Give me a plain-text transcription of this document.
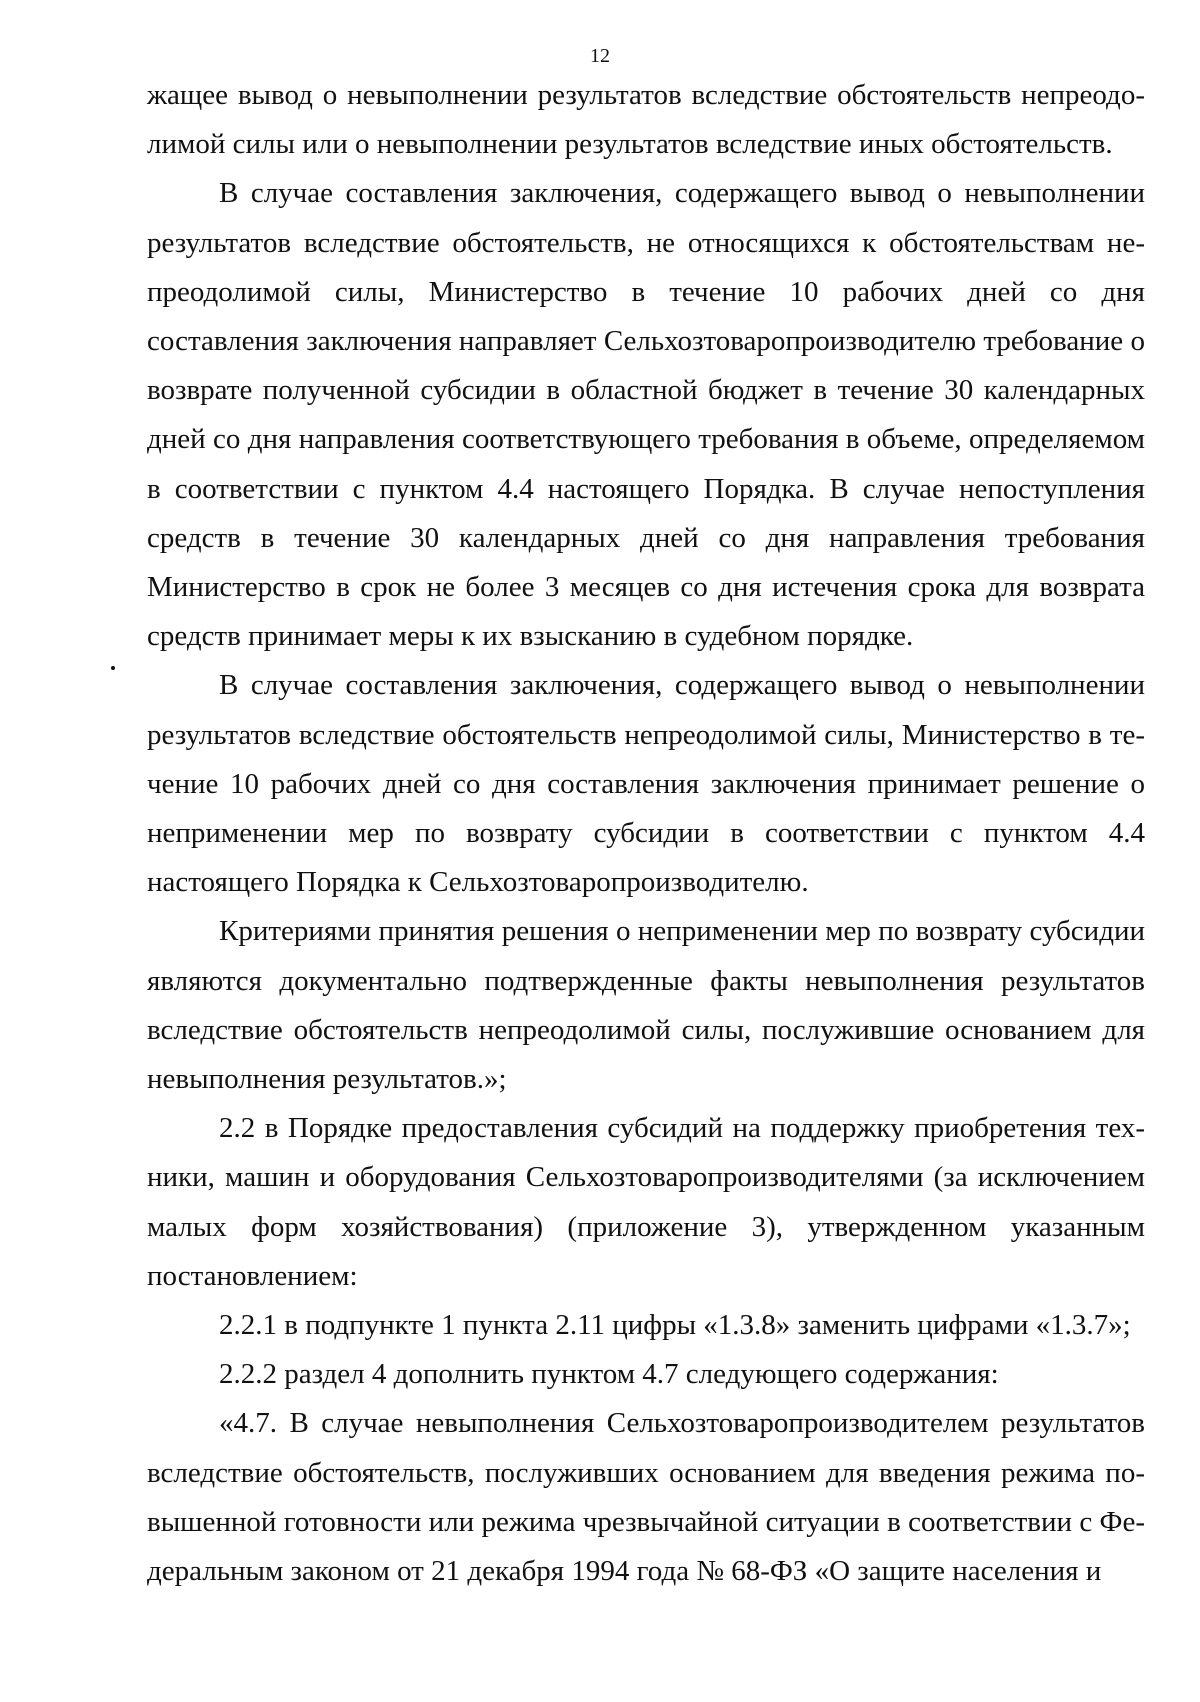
12

жащее вывод о невыполнении результатов вследствие обстоятельств непреодолимой силы или о невыполнении результатов вследствие иных обстоятельств.

В случае составления заключения, содержащего вывод о невыполнении результатов вследствие обстоятельств, не относящихся к обстоятельствам непреодолимой силы, Министерство в течение 10 рабочих дней со дня составления заключения направляет Сельхозтоваропроизводителю требование о возврате полученной субсидии в областной бюджет в течение 30 календарных дней со дня направления соответствующего требования в объеме, определяемом в соответствии с пунктом 4.4 настоящего Порядка. В случае непоступления средств в течение 30 календарных дней со дня направления требования Министерство в срок не более 3 месяцев со дня истечения срока для возврата средств принимает меры к их взысканию в судебном порядке.

В случае составления заключения, содержащего вывод о невыполнении результатов вследствие обстоятельств непреодолимой силы, Министерство в течение 10 рабочих дней со дня составления заключения принимает решение о неприменении мер по возврату субсидии в соответствии с пунктом 4.4 настоящего Порядка к Сельхозтоваропроизводителю.

Критериями принятия решения о неприменении мер по возврату субсидии являются документально подтвержденные факты невыполнения результатов вследствие обстоятельств непреодолимой силы, послужившие основанием для невыполнения результатов.»;

2.2 в Порядке предоставления субсидий на поддержку приобретения техники, машин и оборудования Сельхозтоваропроизводителями (за исключением малых форм хозяйствования) (приложение 3), утвержденном указанным постановлением:

2.2.1 в подпункте 1 пункта 2.11 цифры «1.3.8» заменить цифрами «1.3.7»;

2.2.2 раздел 4 дополнить пунктом 4.7 следующего содержания:

«4.7. В случае невыполнения Сельхозтоваропроизводителем результатов вследствие обстоятельств, послуживших основанием для введения режима повышенной готовности или режима чрезвычайной ситуации в соответствии с Федеральным законом от 21 декабря 1994 года № 68-ФЗ «О защите населения и
